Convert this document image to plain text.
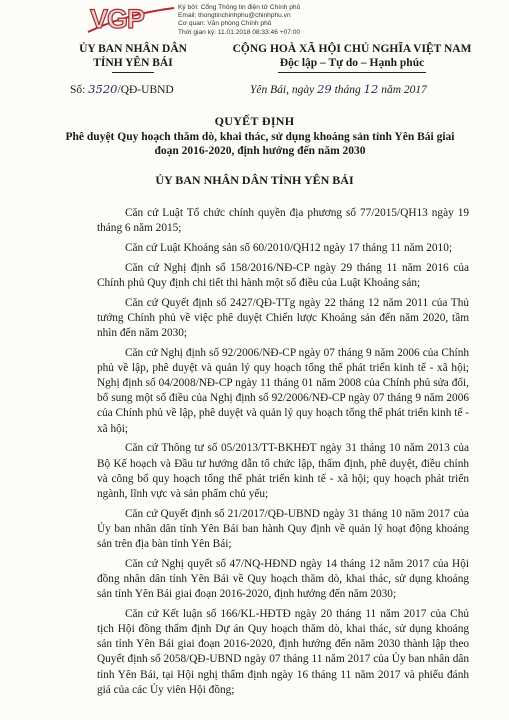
VGP	Ký bởi: Cổng Thông tin điện tử Chính phủ
Email: thongtinchinhphu@chinhphu.vn
Cơ quan: Văn phòng Chính phủ
Thời gian ký: 11.01.2018 08:33:46 +07:00
ỦY BAN NHÂN DÂN
TỈNH YÊN BÁI
CỘNG HOÀ XÃ HỘI CHỦ NGHĨA VIỆT NAM
Độc lập – Tự do – Hạnh phúc
Số: 3520/QĐ-UBND	Yên Bái, ngày 29 tháng 12 năm 2017
QUYẾT ĐỊNH
Phê duyệt Quy hoạch thăm dò, khai thác, sử dụng khoáng sản tỉnh Yên Bái giai đoạn 2016-2020, định hướng đến năm 2030
ỦY BAN NHÂN DÂN TỈNH YÊN BÁI

Căn cứ Luật Tổ chức chính quyền địa phương số 77/2015/QH13 ngày 19 tháng 6 năm 2015;

Căn cứ Luật Khoáng sản số 60/2010/QH12 ngày 17 tháng 11 năm 2010;

Căn cứ Nghị định số 158/2016/NĐ-CP ngày 29 tháng 11 năm 2016 của Chính phủ Quy định chi tiết thi hành một số điều của Luật Khoáng sản;

Căn cứ Quyết định số 2427/QĐ-TTg ngày 22 tháng 12 năm 2011 của Thủ tướng Chính phủ về việc phê duyệt Chiến lược Khoáng sản đến năm 2020, tầm nhìn đến năm 2030;

Căn cứ Nghị định số 92/2006/NĐ-CP ngày 07 tháng 9 năm 2006 của Chính phủ về lập, phê duyệt và quản lý quy hoạch tổng thể phát triển kinh tế - xã hội; Nghị định số 04/2008/NĐ-CP ngày 11 tháng 01 năm 2008 của Chính phủ sửa đổi, bổ sung một số điều của Nghị định số 92/2006/NĐ-CP ngày 07 tháng 9 năm 2006 của Chính phủ về lập, phê duyệt và quản lý quy hoạch tổng thể phát triển kinh tế - xã hội;

Căn cứ Thông tư số 05/2013/TT-BKHĐT ngày 31 tháng 10 năm 2013 của Bộ Kế hoạch và Đầu tư hướng dẫn tổ chức lập, thẩm định, phê duyệt, điều chỉnh và công bố quy hoạch tổng thể phát triển kinh tế - xã hội; quy hoạch phát triển ngành, lĩnh vực và sản phẩm chủ yếu;

Căn cứ Quyết định số 21/2017/QĐ-UBND ngày 31 tháng 10 năm 2017 của Ủy ban nhân dân tỉnh Yên Bái ban hành Quy định về quản lý hoạt động khoáng sản trên địa bàn tỉnh Yên Bái;

Căn cứ Nghị quyết số 47/NQ-HĐND ngày 14 tháng 12 năm 2017 của Hội đồng nhân dân tỉnh Yên Bái về Quy hoạch thăm dò, khai thác, sử dụng khoáng sản tỉnh Yên Bái giai đoạn 2016-2020, định hướng đến năm 2030;

Căn cứ Kết luận số 166/KL-HĐTĐ ngày 20 tháng 11 năm 2017 của Chủ tịch Hội đồng thẩm định Dự án Quy hoạch thăm dò, khai thác, sử dụng khoáng sản tỉnh Yên Bái giai đoạn 2016-2020, định hướng đến năm 2030 thành lập theo Quyết định số 2058/QĐ-UBND ngày 07 tháng 11 năm 2017 của Ủy ban nhân dân tỉnh Yên Bái, tại Hội nghị thẩm định ngày 16 tháng 11 năm 2017 và phiếu đánh giá của các Ủy viên Hội đồng;
